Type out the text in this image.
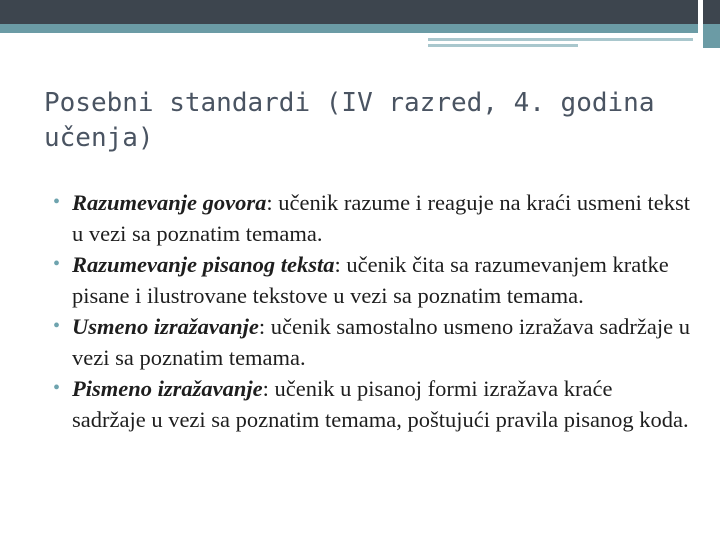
Posebni standardi (IV razred, 4. godina učenja)
• Razumevanje govora: učenik razume i reaguje na kraći usmeni tekst u vezi sa poznatim temama.
• Razumevanje pisanog teksta: učenik čita sa razumevanjem kratke pisane i ilustrovane tekstove u vezi sa poznatim temama.
• Usmeno izražavanje: učenik samostalno usmeno izražava sadržaje u vezi sa poznatim temama.
• Pismeno izražavanje: učenik u pisanoj formi izražava kraće sadržaje u vezi sa poznatim temama, poštujući pravila pisanog koda.
